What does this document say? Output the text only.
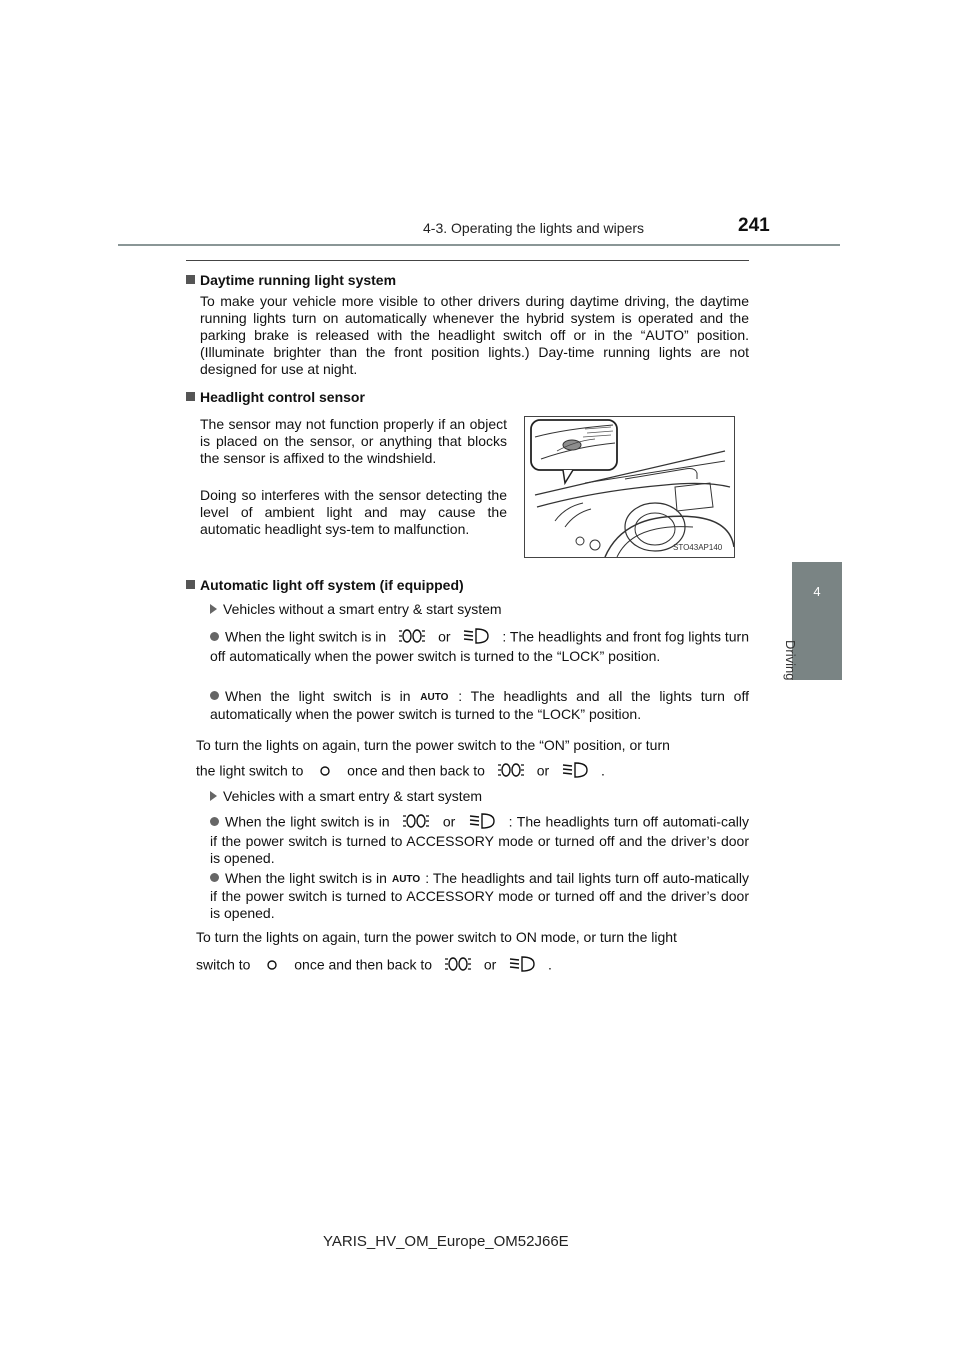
4-3. Operating the lights and wipers	241
4
Driving
Daytime running light system
To make your vehicle more visible to other drivers during daytime driving, the daytime running lights turn on automatically whenever the hybrid system is operated and the parking brake is released with the headlight switch off or in the “AUTO” position. (Illuminate brighter than the front position lights.) Day-time running lights are not designed for use at night.
Headlight control sensor
The sensor may not function properly if an object is placed on the sensor, or anything that blocks the sensor is affixed to the windshield.
Doing so interferes with the sensor detecting the level of ambient light and may cause the automatic headlight sys-tem to malfunction.
STO43AP140
Automatic light off system (if equipped)
Vehicles without a smart entry & start system
When the light switch is in	or	: The headlights and front fog lights turn off automatically when the power switch is turned to the “LOCK” position.
When the light switch is in AUTO : The headlights and all the lights turn off automatically when the power switch is turned to the “LOCK” position.
To turn the lights on again, turn the power switch to the “ON” position, or turn
the light switch to	once and then back to	or	.
Vehicles with a smart entry & start system
When the light switch is in	or	: The headlights turn off automati-cally if the power switch is turned to ACCESSORY mode or turned off and the driver’s door is opened.
When the light switch is in AUTO : The headlights and tail lights turn off auto-matically if the power switch is turned to ACCESSORY mode or turned off and the driver’s door is opened.
To turn the lights on again, turn the power switch to ON mode, or turn the light
switch to	once and then back to	or	.
YARIS_HV_OM_Europe_OM52J66E
